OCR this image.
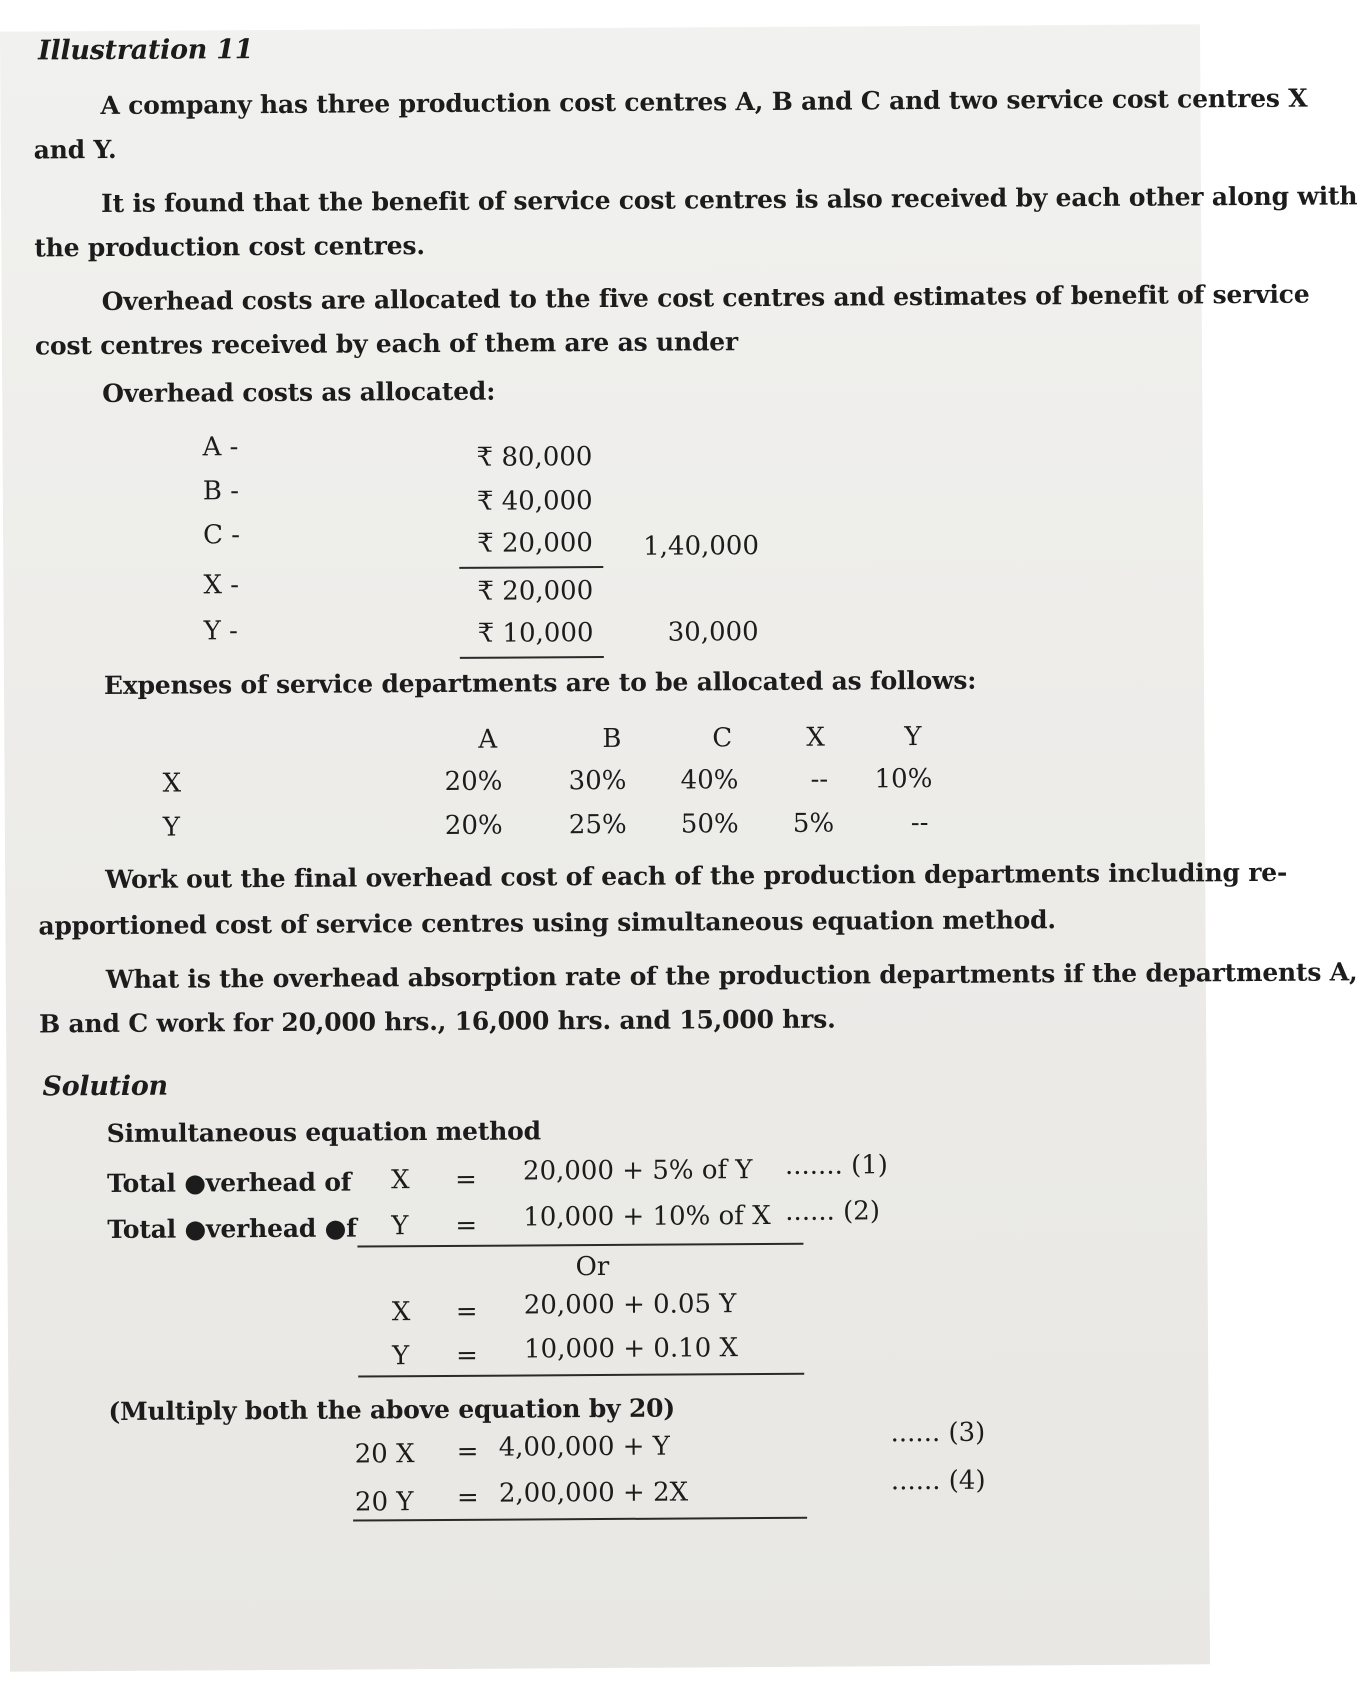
Illustration 11
A company has three production cost centres A, B and C and two service cost centres X
and Y.
It is found that the benefit of service cost centres is also received by each other along with
the production cost centres.
Overhead costs are allocated to the five cost centres and estimates of benefit of service
cost centres received by each of them are as under
Overhead costs as allocated:
A -	₹ 80,000
B -	₹ 40,000
C -	₹ 20,000 1,40,000
X -	₹ 20,000
Y -	₹ 10,000	30,000
Expenses of service departments are to be allocated as follows:
A	B	C	X	Y
X	20%	30% 40%	-- 10%
Y	20%	25% 50% 5%	--
Work out the final overhead cost of each of the production departments including re-
apportioned cost of service centres using simultaneous equation method.
What is the overhead absorption rate of the production departments if the departments A,
B and C work for 20,000 hrs., 16,000 hrs. and 15,000 hrs.
Solution
Simultaneous equation method
Total ●verhead of X = 20,000 + 5% of Y ....... (1)
Total ●verhead ●f Y = 10,000 + 10% of X ...... (2)
Or
X = 20,000 + 0.05 Y
Y = 10,000 + 0.10 X
(Multiply both the above equation by 20)
20 X = 4,00,000 + Y	...... (3)
20 Y = 2,00,000 + 2X	...... (4)
